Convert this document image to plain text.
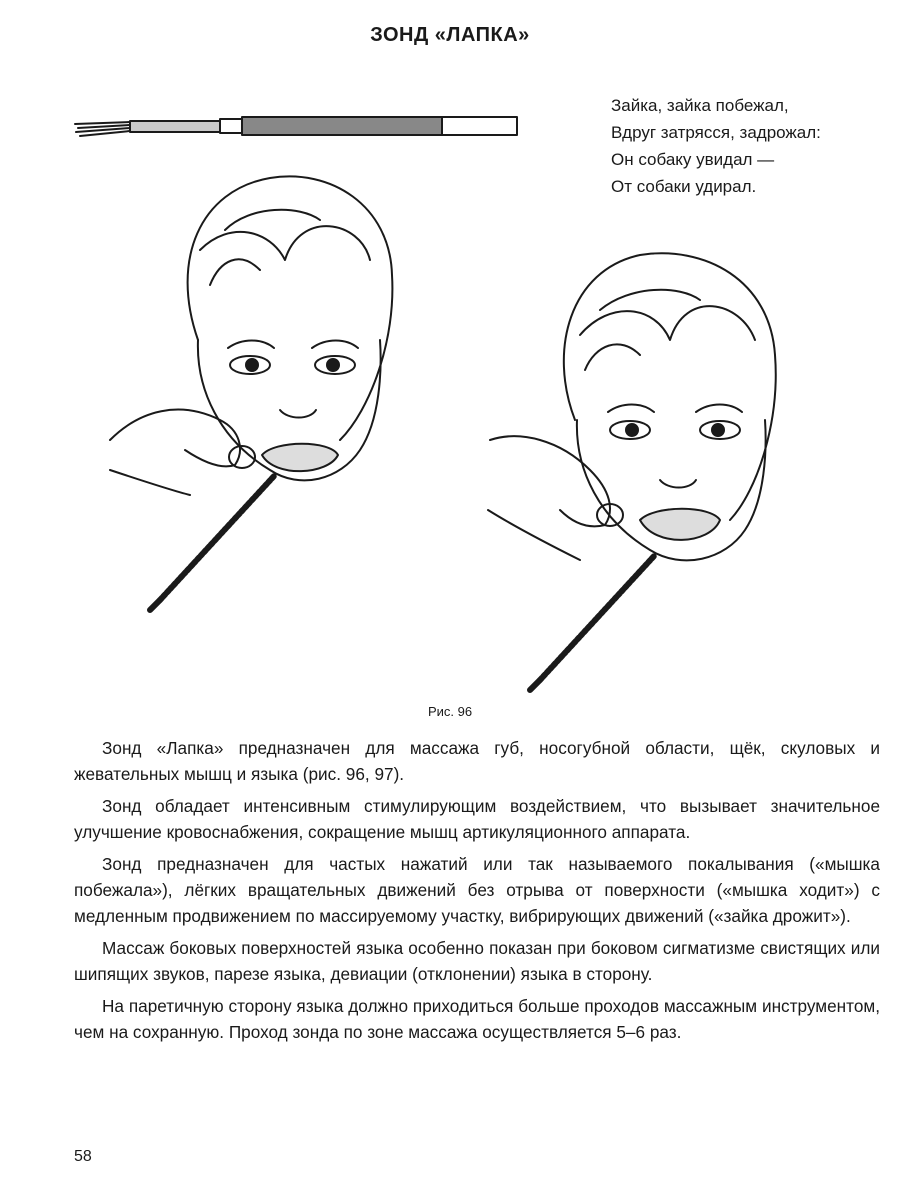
ЗОНД «ЛАПКА»
Зайка, зайка побежал,
Вдруг затрясся, задрожал:
Он собаку увидал —
От собаки удирал.
Рис. 96

Зонд «Лапка» предназначен для массажа губ, носогубной области, щёк, скуловых и жевательных мышц и языка (рис. 96, 97).

Зонд обладает интенсивным стимулирующим воздействием, что вызывает значительное улучшение кровоснабжения, сокращение мышц артикуляционного аппарата.

Зонд предназначен для частых нажатий или так называемого покалывания («мышка побежала»), лёгких вращательных движений без отрыва от поверхности («мышка ходит») с медленным продвижением по массируемому участку, вибрирующих движений («зайка дрожит»).

Массаж боковых поверхностей языка особенно показан при боковом сигматизме свистящих или шипящих звуков, парезе языка, девиации (отклонении) языка в сторону.

На паретичную сторону языка должно приходиться больше проходов массажным инструментом, чем на сохранную. Проход зонда по зоне массажа осуществляется 5–6 раз.

58
